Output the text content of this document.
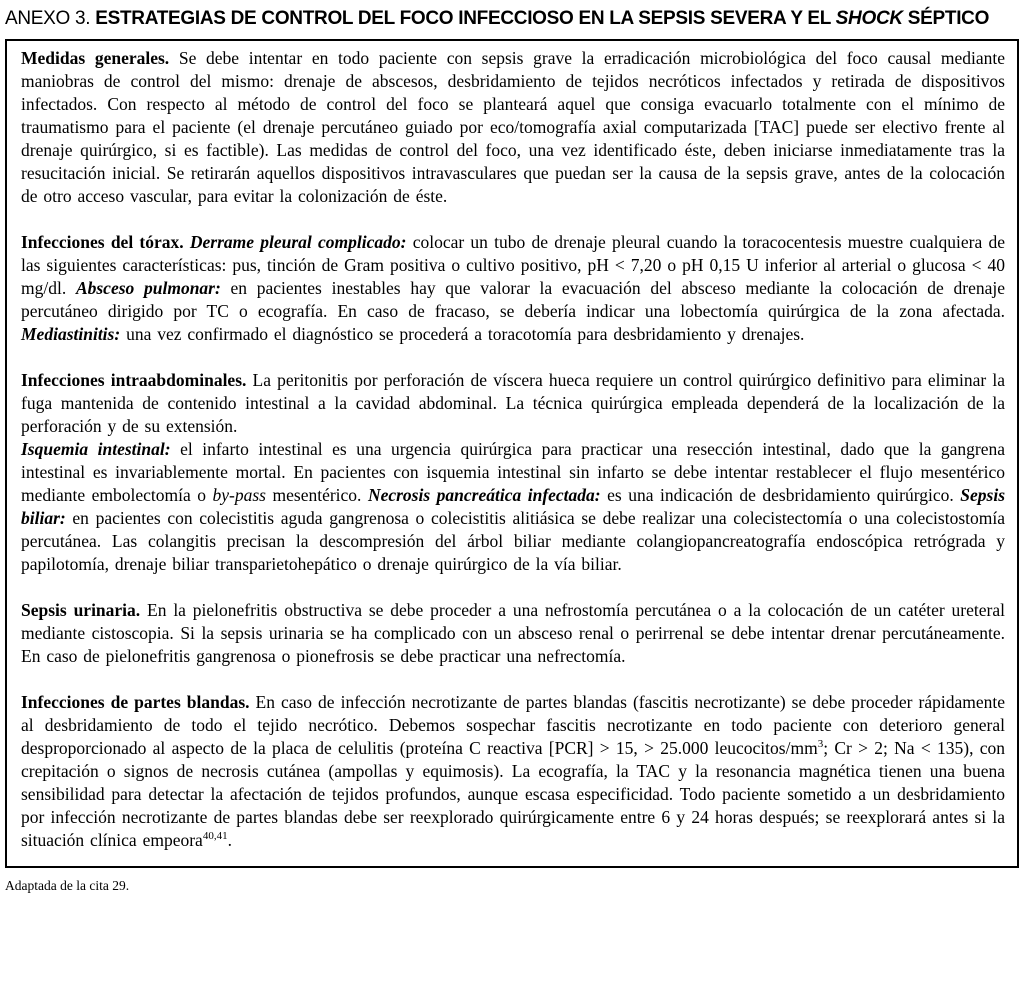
ANEXO 3. ESTRATEGIAS DE CONTROL DEL FOCO INFECCIOSO EN LA SEPSIS SEVERA Y EL SHOCK SÉPTICO

Medidas generales. Se debe intentar en todo paciente con sepsis grave la erradicación microbiológica del foco causal mediante maniobras de control del mismo: drenaje de abscesos, desbridamiento de tejidos necróticos infectados y retirada de dispositivos infectados. Con respecto al método de control del foco se planteará aquel que consiga evacuarlo totalmente con el mínimo de traumatismo para el paciente (el drenaje percutáneo guiado por eco/tomografía axial computarizada [TAC] puede ser electivo frente al drenaje quirúrgico, si es factible). Las medidas de control del foco, una vez identificado éste, deben iniciarse inmediatamente tras la resucitación inicial. Se retirarán aquellos dispositivos intravasculares que puedan ser la causa de la sepsis grave, antes de la colocación de otro acceso vascular, para evitar la colonización de éste.

Infecciones del tórax. Derrame pleural complicado: colocar un tubo de drenaje pleural cuando la toracocentesis muestre cualquiera de las siguientes características: pus, tinción de Gram positiva o cultivo positivo, pH < 7,20 o pH 0,15 U inferior al arterial o glucosa < 40 mg/dl. Absceso pulmonar: en pacientes inestables hay que valorar la evacuación del absceso mediante la colocación de drenaje percutáneo dirigido por TC o ecografía. En caso de fracaso, se debería indicar una lobectomía quirúrgica de la zona afectada. Mediastinitis: una vez confirmado el diagnóstico se procederá a toracotomía para desbridamiento y drenajes.

Infecciones intraabdominales. La peritonitis por perforación de víscera hueca requiere un control quirúrgico definitivo para eliminar la fuga mantenida de contenido intestinal a la cavidad abdominal. La técnica quirúrgica empleada dependerá de la localización de la perforación y de su extensión.

Isquemia intestinal: el infarto intestinal es una urgencia quirúrgica para practicar una resección intestinal, dado que la gangrena intestinal es invariablemente mortal. En pacientes con isquemia intestinal sin infarto se debe intentar restablecer el flujo mesentérico mediante embolectomía o by-pass mesentérico. Necrosis pancreática infectada: es una indicación de desbridamiento quirúrgico. Sepsis biliar: en pacientes con colecistitis aguda gangrenosa o colecistitis alitiásica se debe realizar una colecistectomía o una colecistostomía percutánea. Las colangitis precisan la descompresión del árbol biliar mediante colangiopancreatografía endoscópica retrógrada y papilotomía, drenaje biliar transparietohepático o drenaje quirúrgico de la vía biliar.

Sepsis urinaria. En la pielonefritis obstructiva se debe proceder a una nefrostomía percutánea o a la colocación de un catéter ureteral mediante cistoscopia. Si la sepsis urinaria se ha complicado con un absceso renal o perirrenal se debe intentar drenar percutáneamente. En caso de pielonefritis gangrenosa o pionefrosis se debe practicar una nefrectomía.

Infecciones de partes blandas. En caso de infección necrotizante de partes blandas (fascitis necrotizante) se debe proceder rápidamente al desbridamiento de todo el tejido necrótico. Debemos sospechar fascitis necrotizante en todo paciente con deterioro general desproporcionado al aspecto de la placa de celulitis (proteína C reactiva [PCR] > 15, > 25.000 leucocitos/$mm^3$; Cr > 2; Na < 135), con crepitación o signos de necrosis cutánea (ampollas y equimosis). La ecografía, la TAC y la resonancia magnética tienen una buena sensibilidad para detectar la afectación de tejidos profundos, aunque escasa especificidad. Todo paciente sometido a un desbridamiento por infección necrotizante de partes blandas debe ser reexplorado quirúrgicamente entre 6 y 24 horas después; se reexplorará antes si la situación clínica empeora$^{40,41}$.

Adaptada de la cita 29.
